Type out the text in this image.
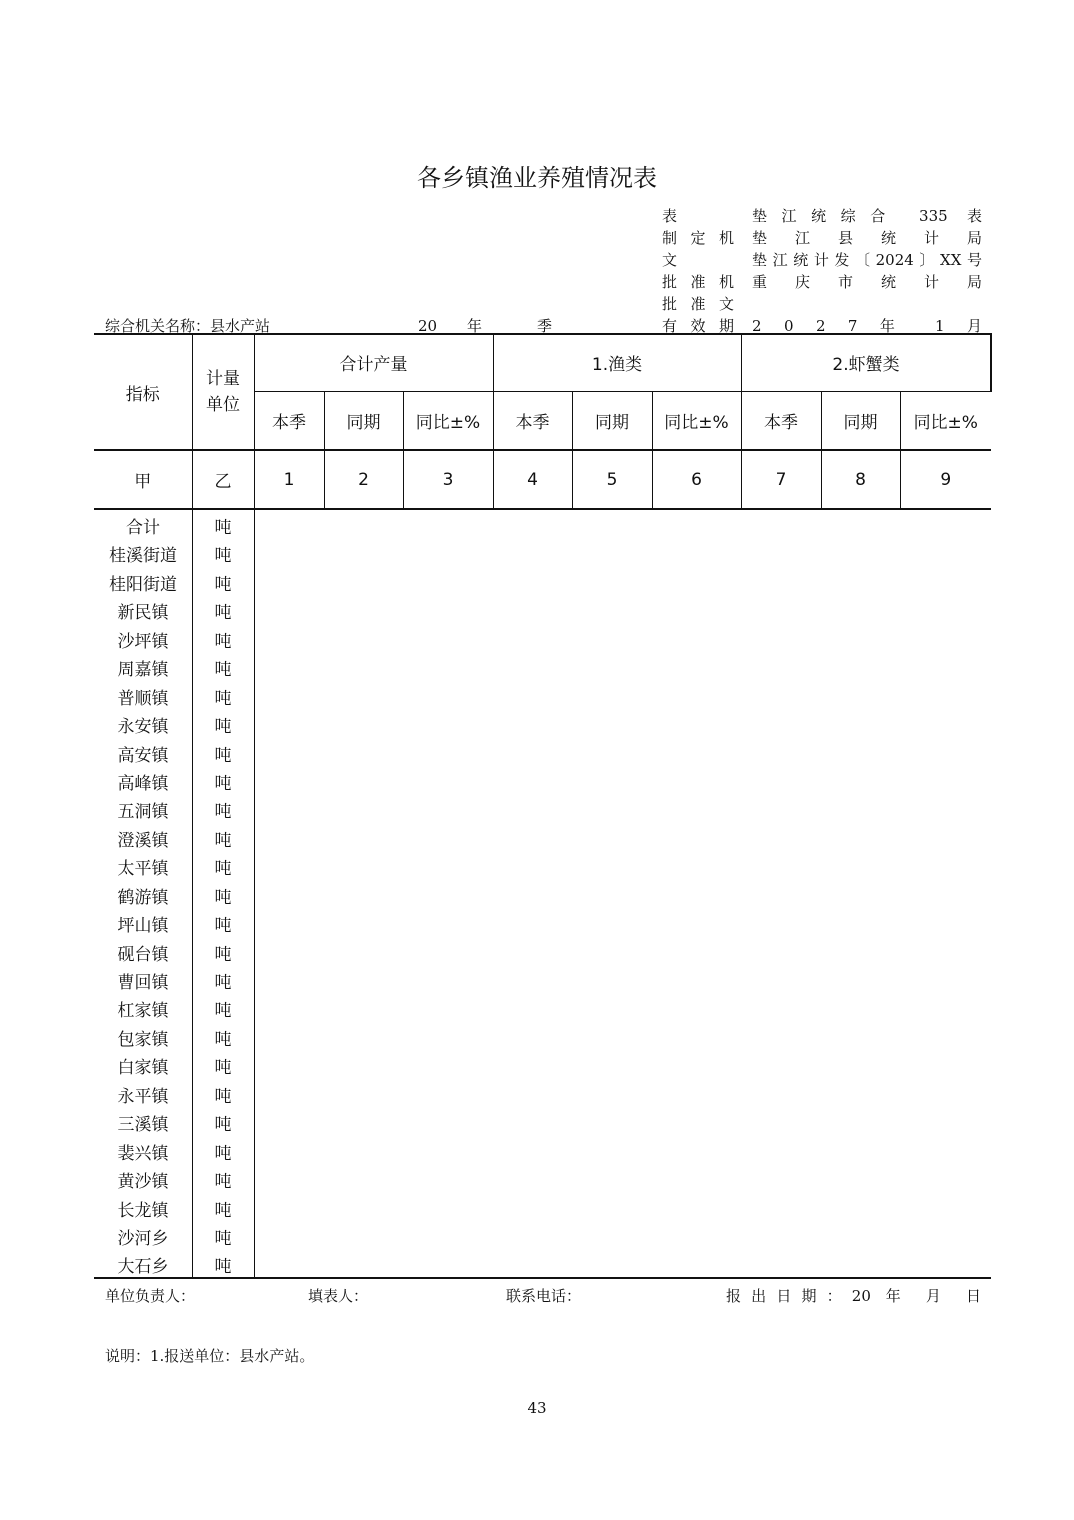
各乡镇渔业养殖情况表
表	垫江统综合 335 表
制定机 垫 江 县 统 计 局
文	垫江统计发〔2024〕XX号
批准机 重 庆 市 统 计 局
批准文
有效期 2 0 2 7 年 1 月
综合机关名称：县水产站	20 年 季
指标	计量单位	合计产量			1.渔类			2.虾蟹类		
		本季	同期	同比±%	本季	同期	同比±%	本季	同期	同比±%
甲	乙	1	2	3	4	5	6	7	8	9
合计	吨
桂溪街道	吨
桂阳街道	吨
新民镇	吨
沙坪镇	吨
周嘉镇	吨
普顺镇	吨
永安镇	吨
高安镇	吨
高峰镇	吨
五洞镇	吨
澄溪镇	吨
太平镇	吨
鹤游镇	吨
坪山镇	吨
砚台镇	吨
曹回镇	吨
杠家镇	吨
包家镇	吨
白家镇	吨
永平镇	吨
三溪镇	吨
裴兴镇	吨
黄沙镇	吨
长龙镇	吨
沙河乡	吨
大石乡	吨
单位负责人：	填表人：	联系电话：	报出日期：20 年 月 日
说明：1.报送单位：县水产站。
43
